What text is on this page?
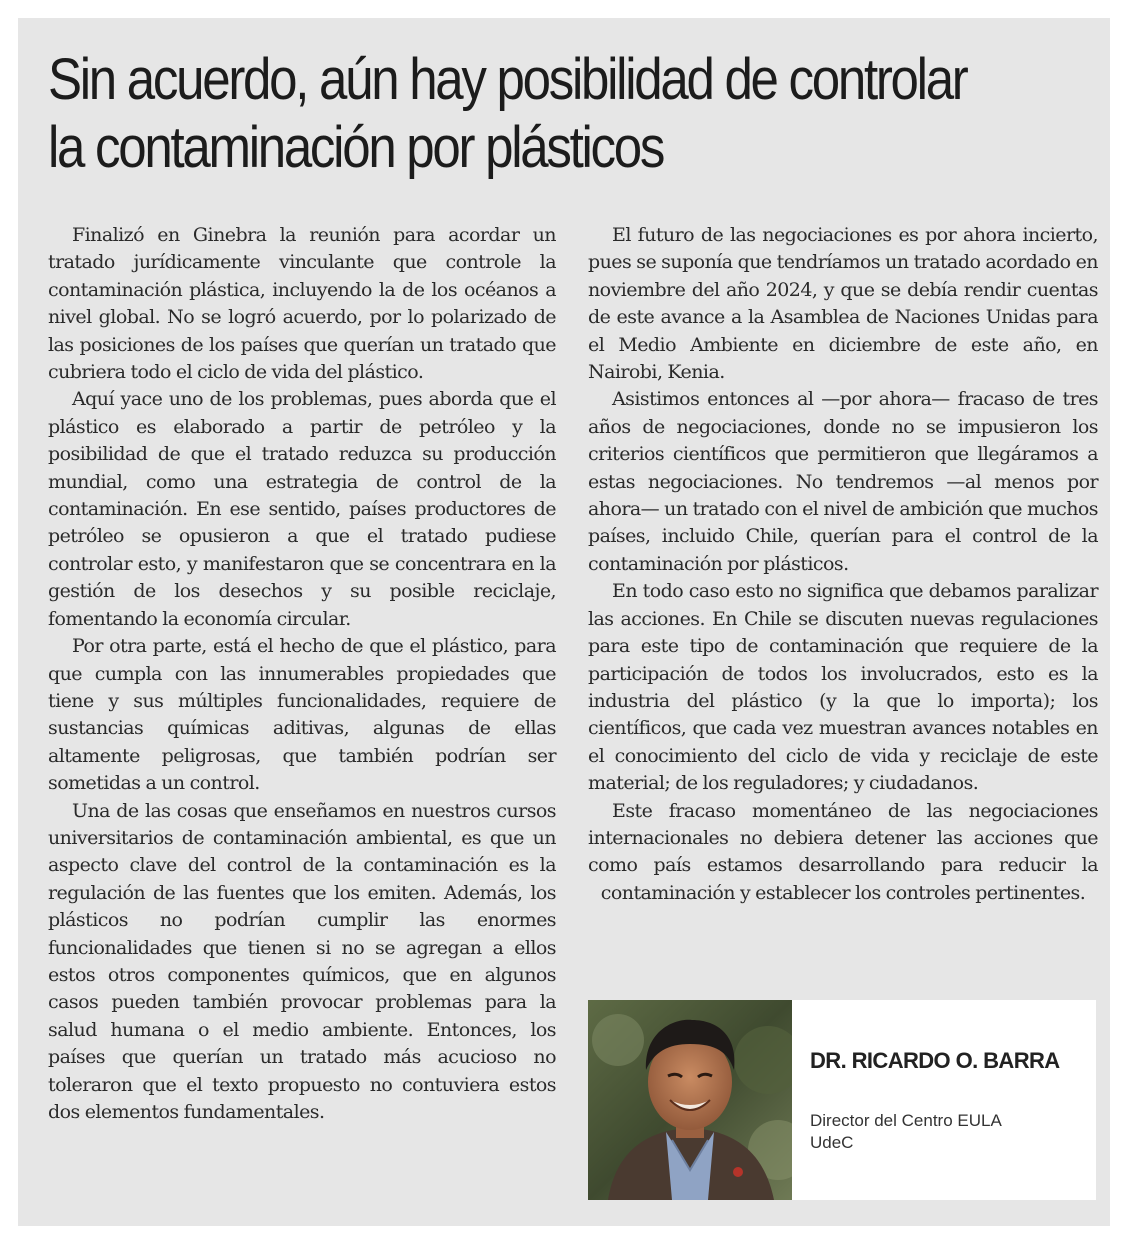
Sin acuerdo, aún hay posibilidad de controlar la contaminación por plásticos

Finalizó en Ginebra la reunión para acordar un tratado jurídicamente vinculante que controle la contaminación plástica, incluyendo la de los océanos a nivel global. No se logró acuerdo, por lo polarizado de las posiciones de los países que querían un tratado que cubriera todo el ciclo de vida del plástico.

Aquí yace uno de los problemas, pues aborda que el plástico es elaborado a partir de petróleo y la posibilidad de que el tratado reduzca su producción mundial, como una estrategia de control de la contaminación. En ese sentido, países productores de petróleo se opusieron a que el tratado pudiese controlar esto, y manifestaron que se concentrara en la gestión de los desechos y su posible reciclaje, fomentando la economía circular.

Por otra parte, está el hecho de que el plástico, para que cumpla con las innumerables propiedades que tiene y sus múltiples funcionalidades, requiere de sustancias químicas aditivas, algunas de ellas altamente peligrosas, que también podrían ser sometidas a un control.

Una de las cosas que enseñamos en nuestros cursos universitarios de contaminación ambiental, es que un aspecto clave del control de la contaminación es la regulación de las fuentes que los emiten. Además, los plásticos no podrían cumplir las enormes funcionalidades que tienen si no se agregan a ellos estos otros componentes químicos, que en algunos casos pueden también provocar problemas para la salud humana o el medio ambiente. Entonces, los países que querían un tratado más acucioso no toleraron que el texto propuesto no contuviera estos dos elementos fundamentales.

El futuro de las negociaciones es por ahora incierto, pues se suponía que tendríamos un tratado acordado en noviembre del año 2024, y que se debía rendir cuentas de este avance a la Asamblea de Naciones Unidas para el Medio Ambiente en diciembre de este año, en Nairobi, Kenia.

Asistimos entonces al —por ahora— fracaso de tres años de negociaciones, donde no se impusieron los criterios científicos que permitieron que llegáramos a estas negociaciones. No tendremos —al menos por ahora— un tratado con el nivel de ambición que muchos países, incluido Chile, querían para el control de la contaminación por plásticos.

En todo caso esto no significa que debamos paralizar las acciones. En Chile se discuten nuevas regulaciones para este tipo de contaminación que requiere de la participación de todos los involucrados, esto es la industria del plástico (y la que lo importa); los científicos, que cada vez muestran avances notables en el conocimiento del ciclo de vida y reciclaje de este material; de los reguladores; y ciudadanos.

Este fracaso momentáneo de las negociaciones internacionales no debiera detener las acciones que como país estamos desarrollando para reducir la contaminación y establecer los controles pertinentes.

DR. RICARDO O. BARRA
Director del Centro EULA
UdeC
